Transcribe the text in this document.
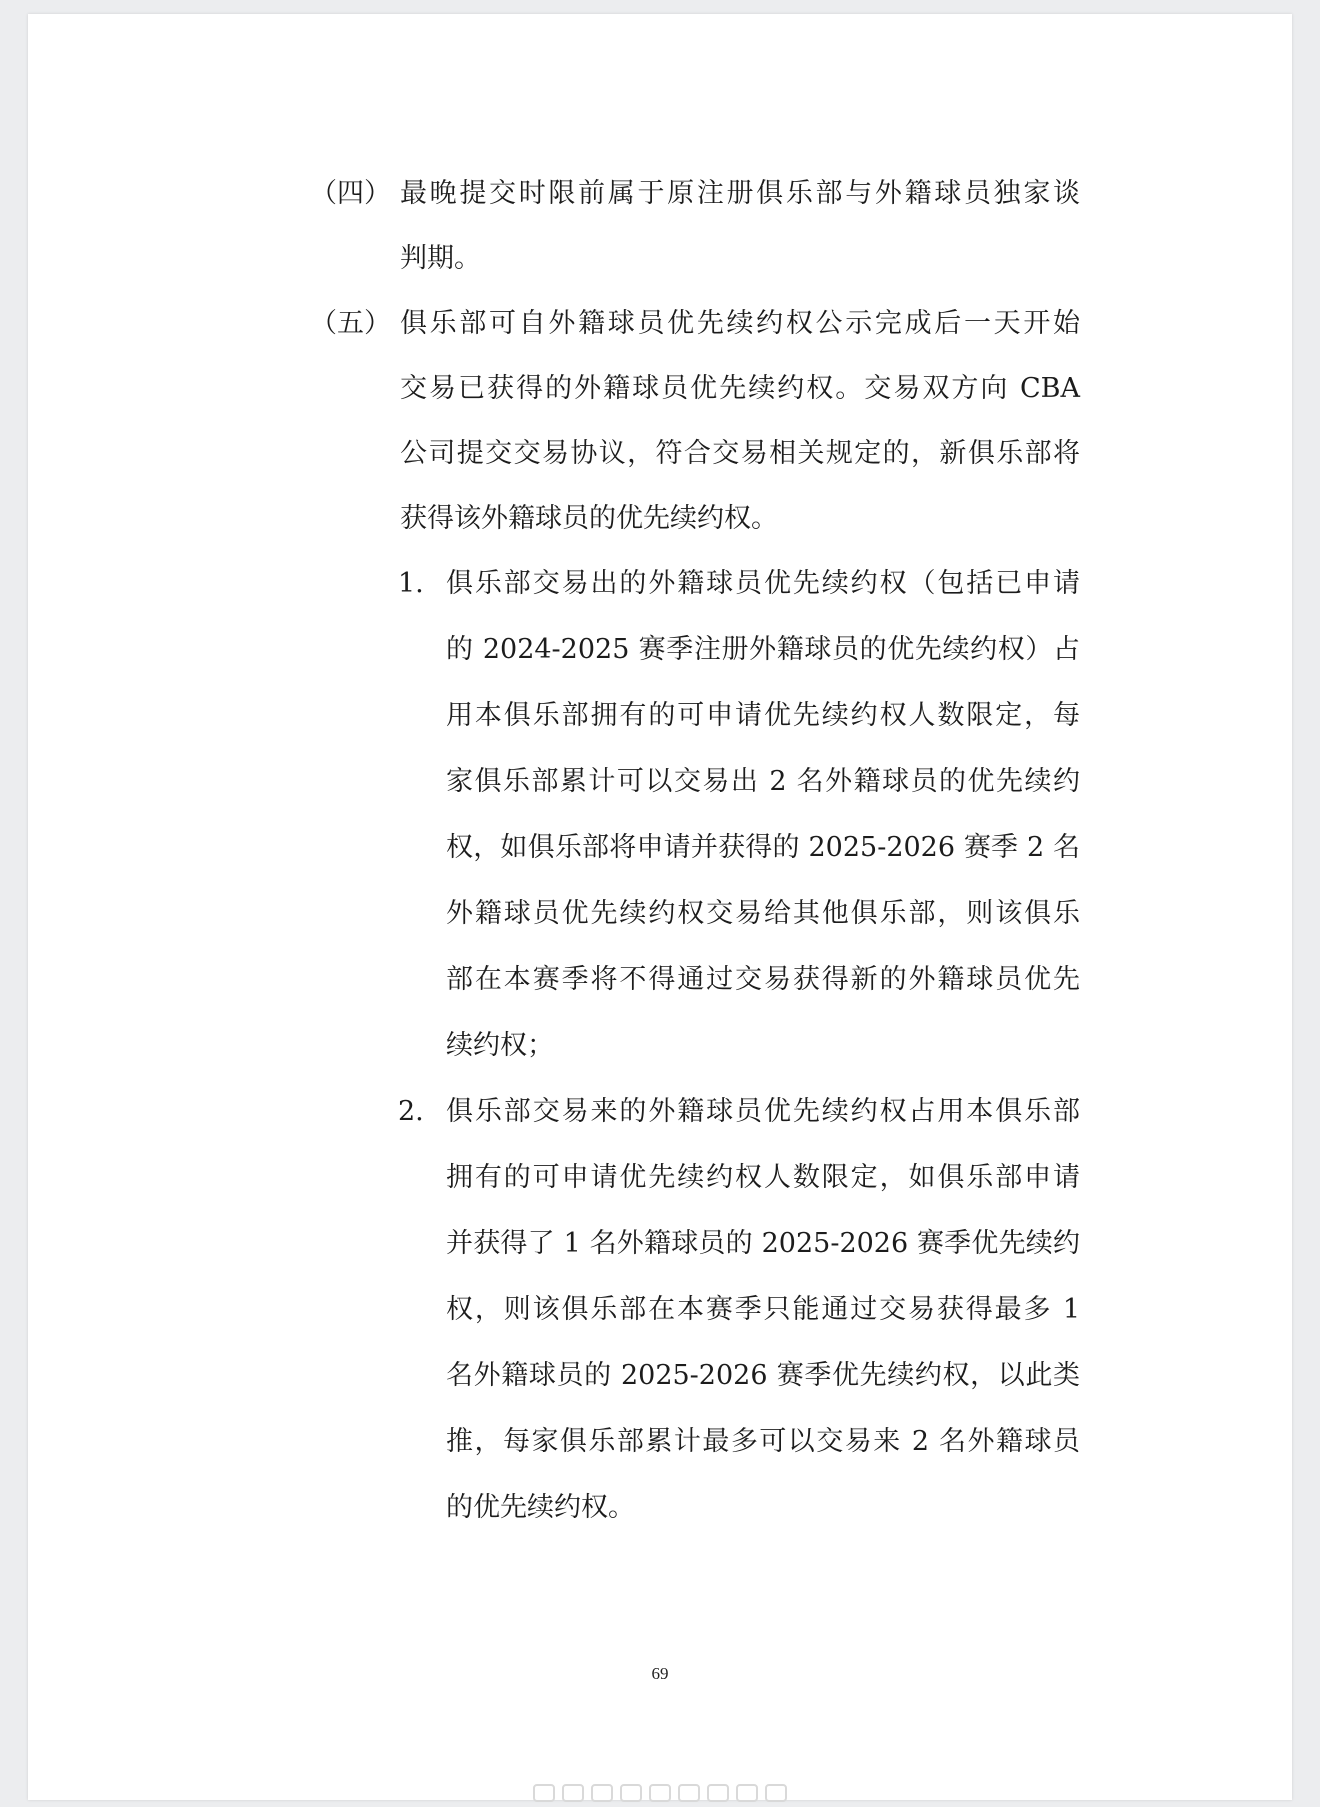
（四） 最晚提交时限前属于原注册俱乐部与外籍球员独家谈
判期。
（五） 俱乐部可自外籍球员优先续约权公示完成后一天开始
交易已获得的外籍球员优先续约权。交易双方向 CBA
公司提交交易协议，符合交易相关规定的，新俱乐部将
获得该外籍球员的优先续约权。
1. 俱乐部交易出的外籍球员优先续约权（包括已申请
的 2024-2025 赛季注册外籍球员的优先续约权）占
用本俱乐部拥有的可申请优先续约权人数限定，每
家俱乐部累计可以交易出 2 名外籍球员的优先续约
权，如俱乐部将申请并获得的 2025-2026 赛季 2 名
外籍球员优先续约权交易给其他俱乐部，则该俱乐
部在本赛季将不得通过交易获得新的外籍球员优先
续约权；
2. 俱乐部交易来的外籍球员优先续约权占用本俱乐部
拥有的可申请优先续约权人数限定，如俱乐部申请
并获得了 1 名外籍球员的 2025-2026 赛季优先续约
权，则该俱乐部在本赛季只能通过交易获得最多 1
名外籍球员的 2025-2026 赛季优先续约权，以此类
推，每家俱乐部累计最多可以交易来 2 名外籍球员
的优先续约权。
69
